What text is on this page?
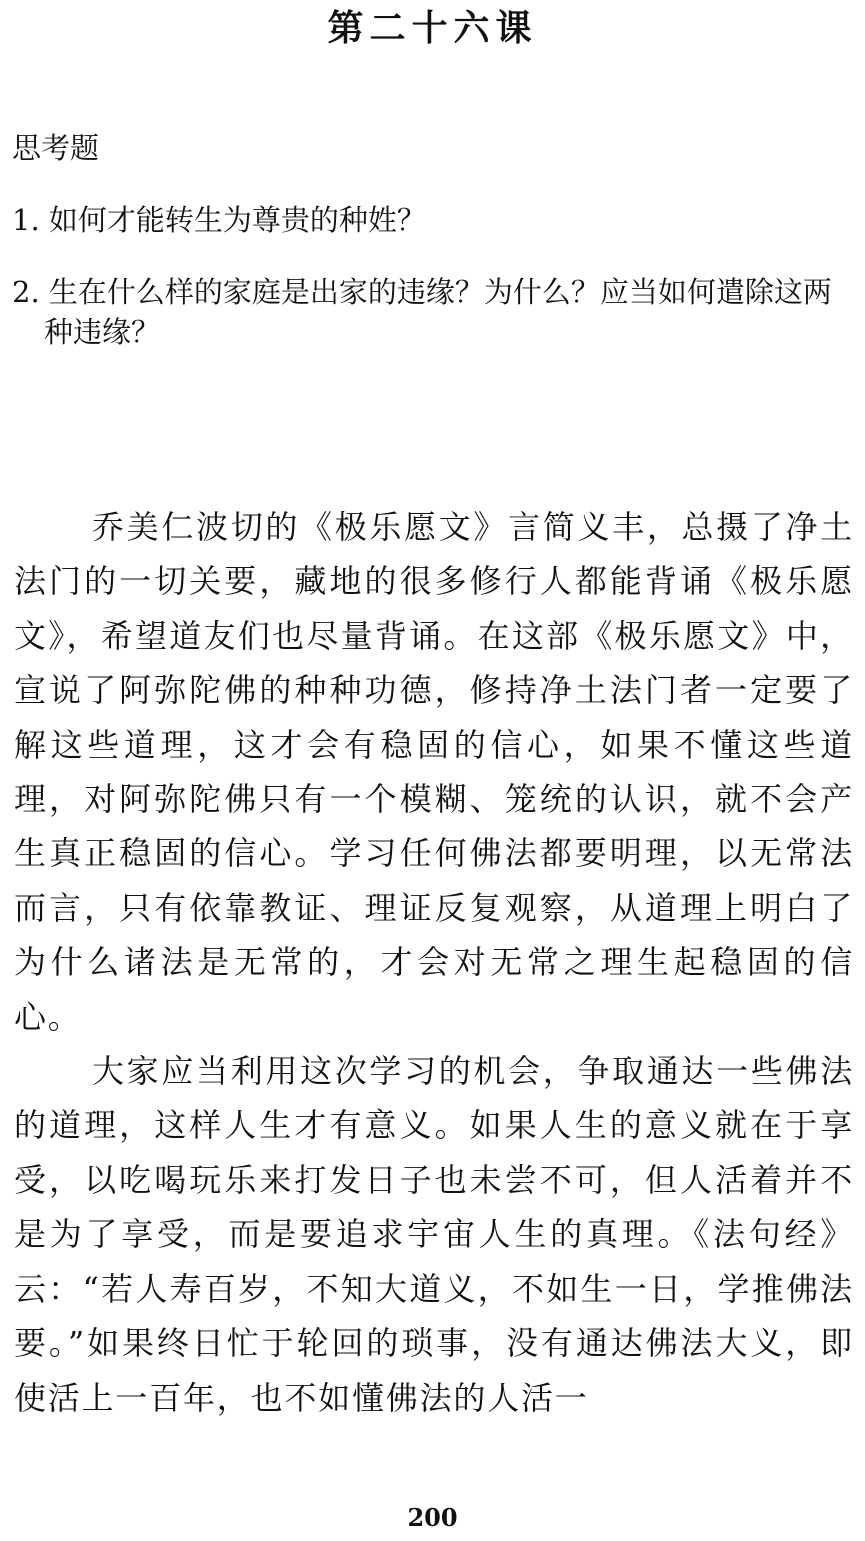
第二十六课
思考题
1. 如何才能转生为尊贵的种姓？
2. 生在什么样的家庭是出家的违缘？为什么？应当如何遣除这两种违缘？

乔美仁波切的《极乐愿文》言简义丰，总摄了净土法门的一切关要，藏地的很多修行人都能背诵《极乐愿文》，希望道友们也尽量背诵。在这部《极乐愿文》中，宣说了阿弥陀佛的种种功德，修持净土法门者一定要了解这些道理，这才会有稳固的信心，如果不懂这些道理，对阿弥陀佛只有一个模糊、笼统的认识，就不会产生真正稳固的信心。学习任何佛法都要明理，以无常法而言，只有依靠教证、理证反复观察，从道理上明白了为什么诸法是无常的，才会对无常之理生起稳固的信心。

大家应当利用这次学习的机会，争取通达一些佛法的道理，这样人生才有意义。如果人生的意义就在于享受，以吃喝玩乐来打发日子也未尝不可，但人活着并不是为了享受，而是要追求宇宙人生的真理。《法句经》云：“若人寿百岁，不知大道义，不如生一日，学推佛法要。”如果终日忙于轮回的琐事，没有通达佛法大义，即使活上一百年，也不如懂佛法的人活一

200
